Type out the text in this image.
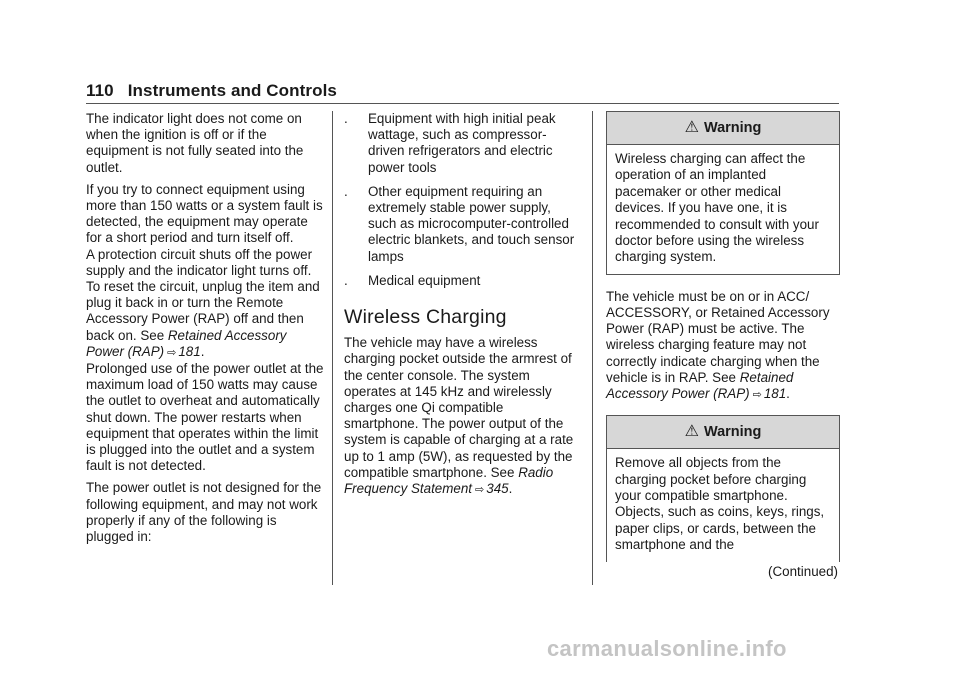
110 Instruments and Controls

The indicator light does not come on when the ignition is off or if the equipment is not fully seated into the outlet.

If you try to connect equipment using more than 150 watts or a system fault is detected, the equipment may operate for a short period and turn itself off.

A protection circuit shuts off the power supply and the indicator light turns off. To reset the circuit, unplug the item and plug it back in or turn the Remote Accessory Power (RAP) off and then back on. See Retained Accessory Power (RAP) ⇨ 181.

Prolonged use of the power outlet at the maximum load of 150 watts may cause the outlet to overheat and automatically shut down. The power restarts when equipment that operates within the limit is plugged into the outlet and a system fault is not detected.

The power outlet is not designed for the following equipment, and may not work properly if any of the following is plugged in:

. Equipment with high initial peak wattage, such as compressor-driven refrigerators and electric power tools
. Other equipment requiring an extremely stable power supply, such as microcomputer-controlled electric blankets, and touch sensor lamps
. Medical equipment
Wireless Charging

The vehicle may have a wireless charging pocket outside the armrest of the center console. The system operates at 145 kHz and wirelessly charges one Qi compatible smartphone. The power output of the system is capable of charging at a rate up to 1 amp (5W), as requested by the compatible smartphone. See Radio Frequency Statement ⇨ 345.

⚠ Warning
Wireless charging can affect the operation of an implanted pacemaker or other medical devices. If you have one, it is recommended to consult with your doctor before using the wireless charging system.

The vehicle must be on or in ACC/ ACCESSORY, or Retained Accessory Power (RAP) must be active. The wireless charging feature may not correctly indicate charging when the vehicle is in RAP. See Retained Accessory Power (RAP) ⇨ 181.

⚠ Warning
Remove all objects from the charging pocket before charging your compatible smartphone. Objects, such as coins, keys, rings, paper clips, or cards, between the smartphone and the
(Continued)
carmanualsonline.info
